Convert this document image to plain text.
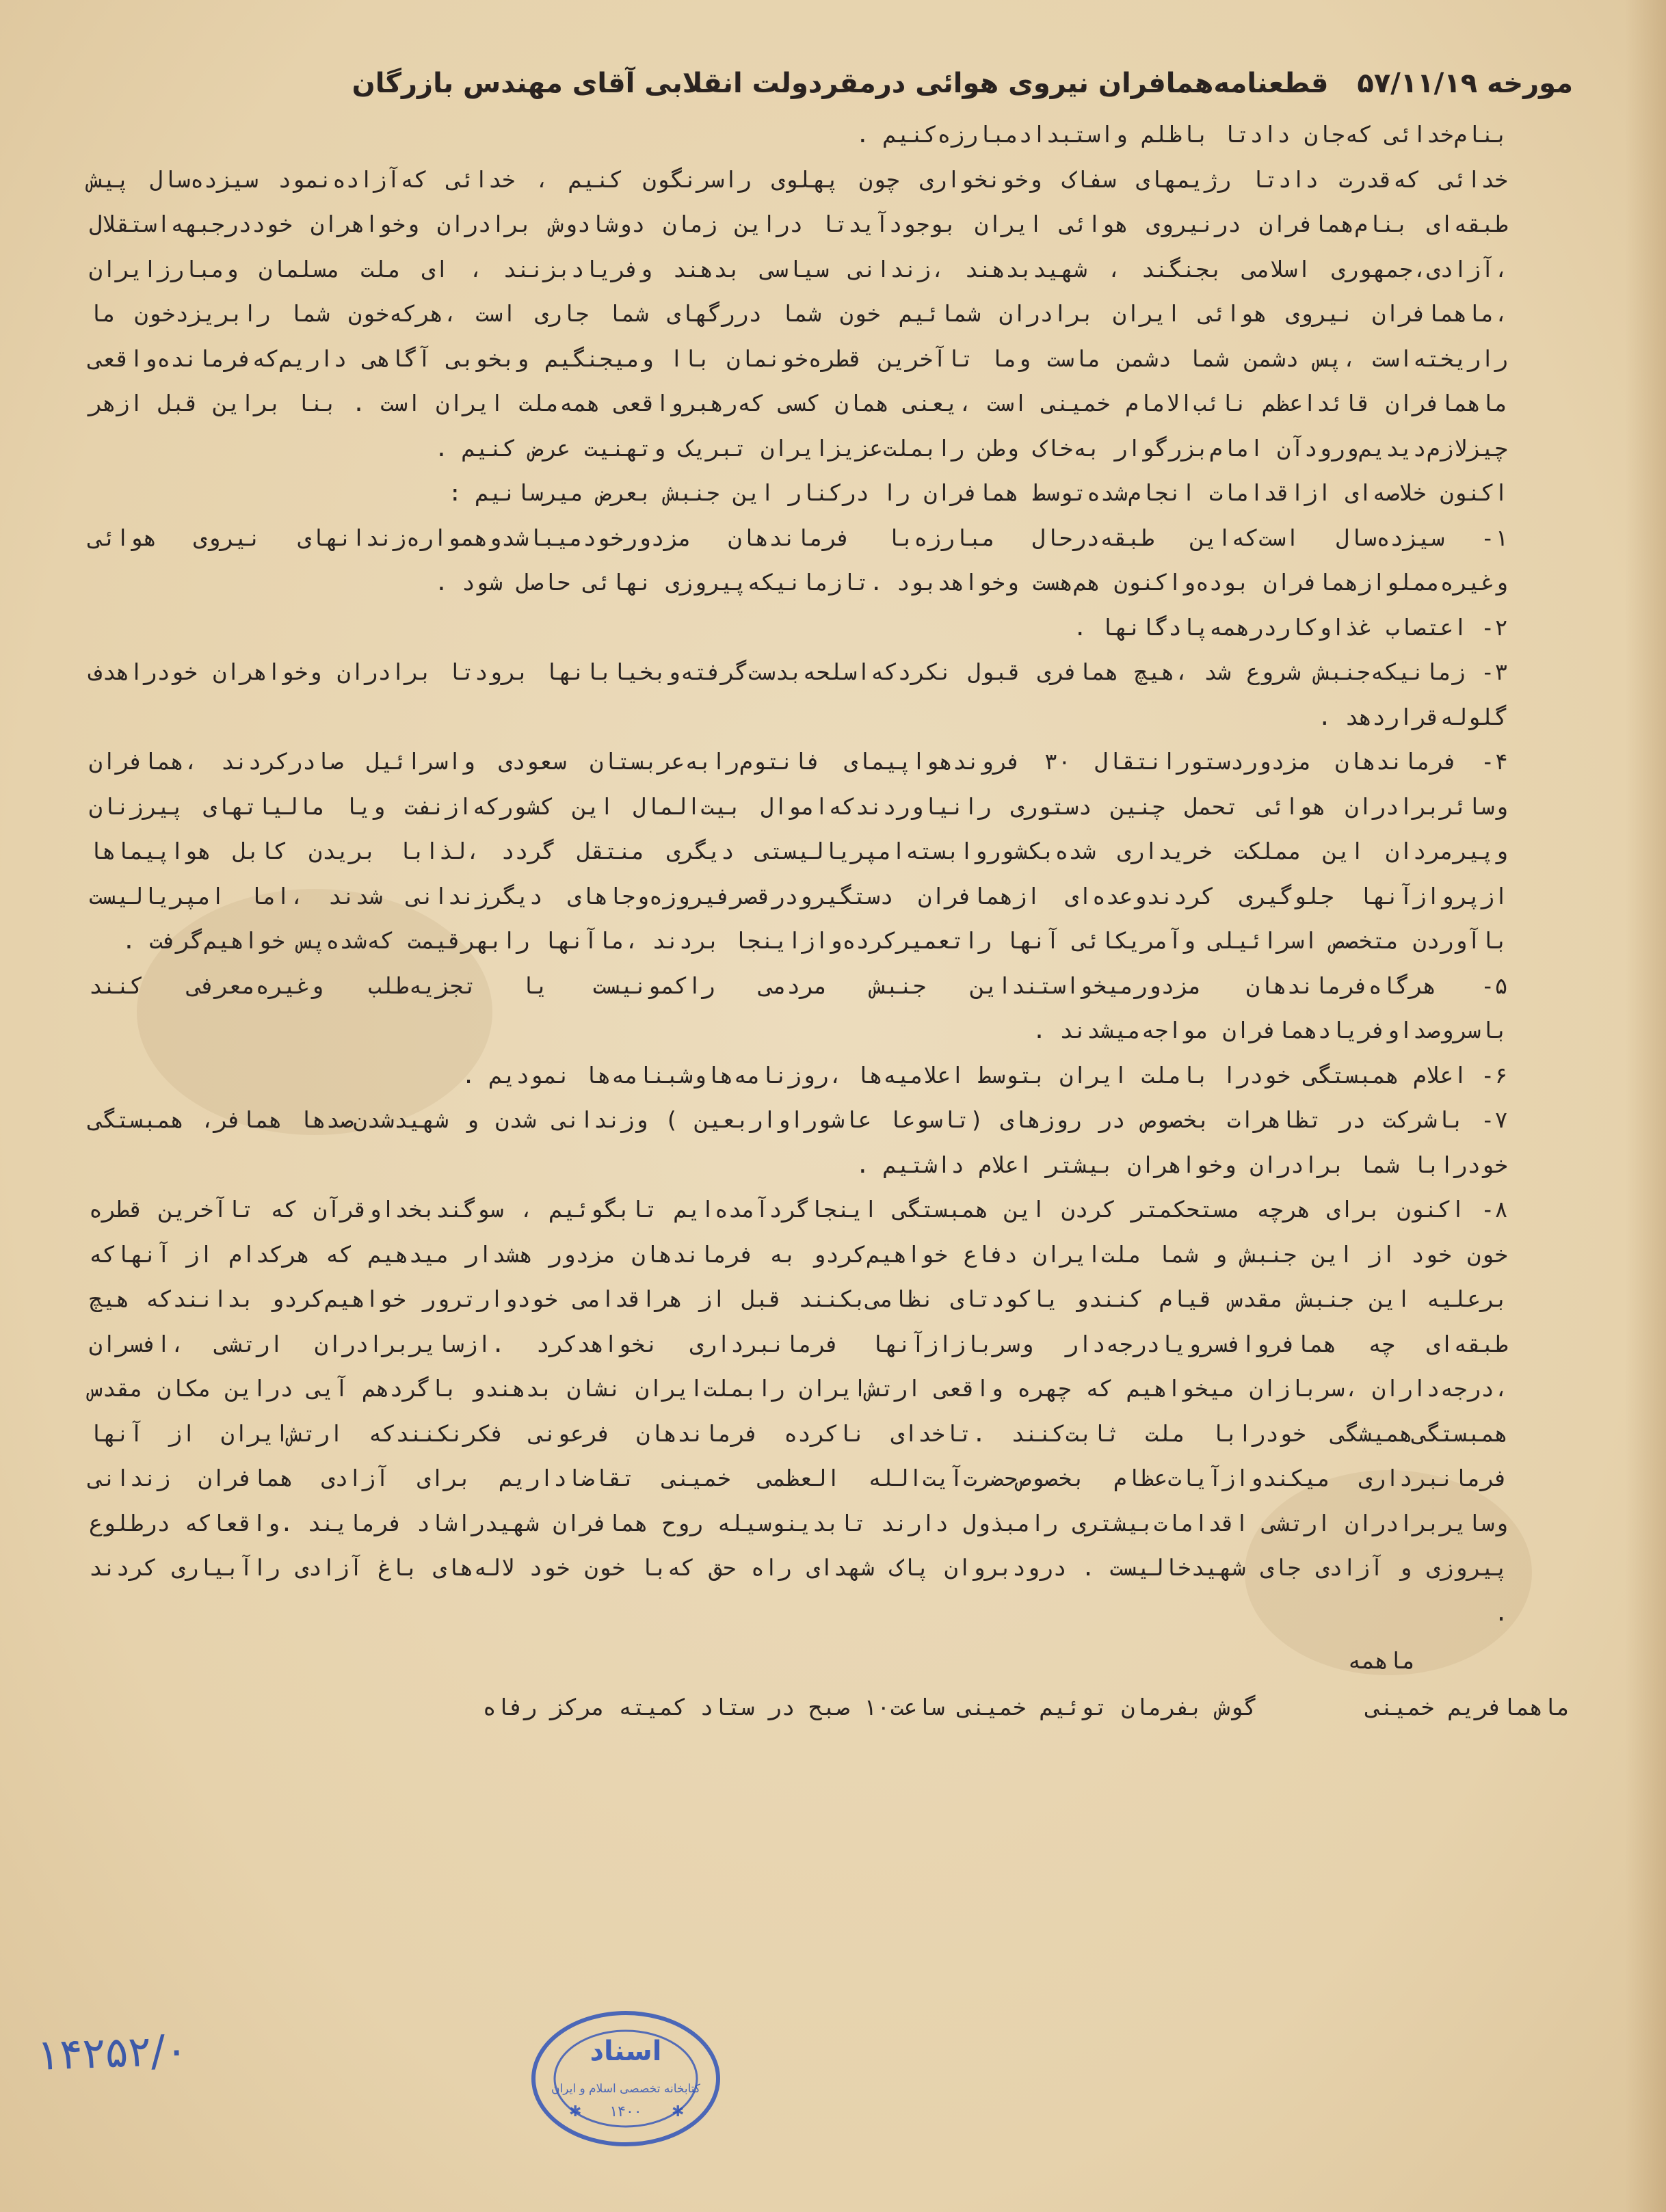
مورخه ۵۷/۱۱/۱۹ قطعنامه‌همافران نیروی هوائی درمقردولت انقلابی آقای مهندس بازرگان

بنام‌خدائی که‌جان دادتا باظلم واستبدادمبارزه‌کنیم .

خدائی که‌قدرت دادتا رژیمهای سفاک وخونخواری چون پهلوی راسرنگون کنیم ، خدائی که‌آزاده‌نمود سیزده‌سال پیش طبقه‌ای بنام‌همافران درنیروی هوائی ایران بوجودآیدتا دراین زمان دوشادوش برادران وخواهران خوددرجبهه‌استقلال ،آزادی،جمهوری اسلامی بجنگند ، شهیدبدهند ،زندانی سیاسی بدهند وفریادبزنند ، ای ملت مسلمان ومبارزایران ،ماهمافران نیروی هوائی ایران برادران شمائیم خون شما دررگهای شما جاری است ،هرکه‌خون شما رابریزدخون ما راریخته‌است ،پس دشمن شما دشمن ماست وما تاآخرین قطره‌خونمان باا ومیجنگیم وبخوبی آگاهی داریم‌که‌فرمانده‌واقعی ماهمافران قائداعظم نائب‌الامام خمینی است ،یعنی همان کسی که‌رهبرواقعی همه‌ملت ایران است . بنا براین قبل ازهر چیزلازم‌دیدیم‌ورودآن امام‌بزرگوار به‌خاک وطن رابملت‌عزیزایران تبریک وتهنیت عرض کنیم .

اکنون خلاصه‌ای ازاقدامات انجام‌شده‌توسط همافران را درکنار این جنبش بعرض میرسانیم :

۱- سیزده‌سال است‌که‌این طبقه‌درحال مبارزه‌با فرماندهان مزدورخودمیباشدوهمواره‌زندانهای نیروی هوائی وغیره‌مملوازهمافران بوده‌واکنون هم‌هست وخواهدبود .تازمانیکه‌پیروزی نهائی حاصل شود .

۲- اعتصاب غذاوکاردرهمه‌پادگانها .

۳- زمانیکه‌جنبش شروع شد ،هیچ همافری قبول نکردکه‌اسلحه‌بدست‌گرفته‌وبخیابانها برودتا برادران وخواهران خودراهدف گلوله‌قراردهد .

۴- فرماندهان مزدوردستورانتقال ۳۰ فروندهواپیمای فانتوم‌رابه‌عربستان سعودی واسرائیل صادرکردند ،همافران وسائربرادران هوائی تحمل چنین دستوری رانیاوردندکه‌اموال بیت‌المال این کشورکه‌ازنفت ویا مالیاتهای پیرزنان وپیرمردان این مملکت خریداری شده‌بکشوروابسته‌امپریالیستی دیگری منتقل گردد ،لذابا بریدن کابل هواپیماها ازپروازآنها جلوگیری کردندوعده‌ای ازهمافران دستگیرودرقصرفیروزه‌وجاهای دیگرزندانی شدند ،اما امپریالیست باآوردن متخصص اسرائیلی وآمریکائی آنها راتعمیرکرده‌وازاینجا بردند ،ماآنها رابهرقیمت که‌شده‌پس خواهیم‌گرفت .

۵- هرگاه‌فرماندهان مزدورمیخواستنداین جنبش مردمی راکمونیست یا تجزیه‌طلب وغیره‌معرفی کنند باسروصداوفریادهمافران مواجه‌میشدند .

۶- اعلام همبستگی خودرا باملت ایران بتوسط اعلامیه‌ها ،روزنامه‌هاوشبنامه‌ها نمودیم .

۷- باشرکت در تظاهرات بخصوص در روزهای (تاسوعا عاشوراواربعین ) وزندانی شدن و شهیدشدن‌صدها همافر، همبستگی خودرابا شما برادران وخواهران بیشتر اعلام داشتیم .

۸- اکنون برای هرچه مستحکمتر کردن این همبستگی اینجاگردآمده‌ایم تابگوئیم ، سوگندبخداوقرآن که تاآخرین قطره خون خود از این جنبش و شما ملت‌ایران دفاع خواهیم‌کردو به فرماندهان مزدور هشدار میدهیم که هرکدام از آنهاکه برعلیه این جنبش مقدس قیام کنندو یاکودتای نظامی‌بکنند قبل از هراقدامی خودوارترور خواهیم‌کردو بدانندکه هیچ طبقه‌ای چه همافروافسرویادرجه‌دار وسربازازآنها فرمانبرداری نخواهدکرد .ازسایربرادران ارتشی ،افسران ،درجه‌داران ،سربازان میخواهیم که چهره واقعی ارتش‌ایران رابملت‌ایران نشان بدهندو باگردهم آیی دراین مکان مقدس همبستگی‌همیشگی خودرابا ملت ثابت‌کنند .تاخدای ناکرده فرماندهان فرعونی فکرنکنندکه ارتش‌ایران از آنها فرمانبرداری میکندوازآیات‌عظام بخصوص‌حضرت‌آیت‌الله العظمی خمینی تقاضاداریم برای آزادی همافران زندانی وسایربرادران ارتشی اقدامات‌بیشتری رامبذول دارند تابدینوسیله روح همافران شهیدراشاد فرمایند .واقعاکه درطلوع پیروزی و آزادی جای شهیدخالیست . درودبروان پاک شهدای راه حق که‌با خون خود لاله‌های باغ آزادی راآبیاری کردند .

ماهمه
ماهمافریم خمینی  گوش بفرمان توئیم خمینی ساعت۱۰ صبح در ستاد کمیته مرکز رفاه
۱۴۲۵۲/۰	اسناد
کتابخانه تخصصی اسلام و ایران
۱۴۰۰
✱	✱
